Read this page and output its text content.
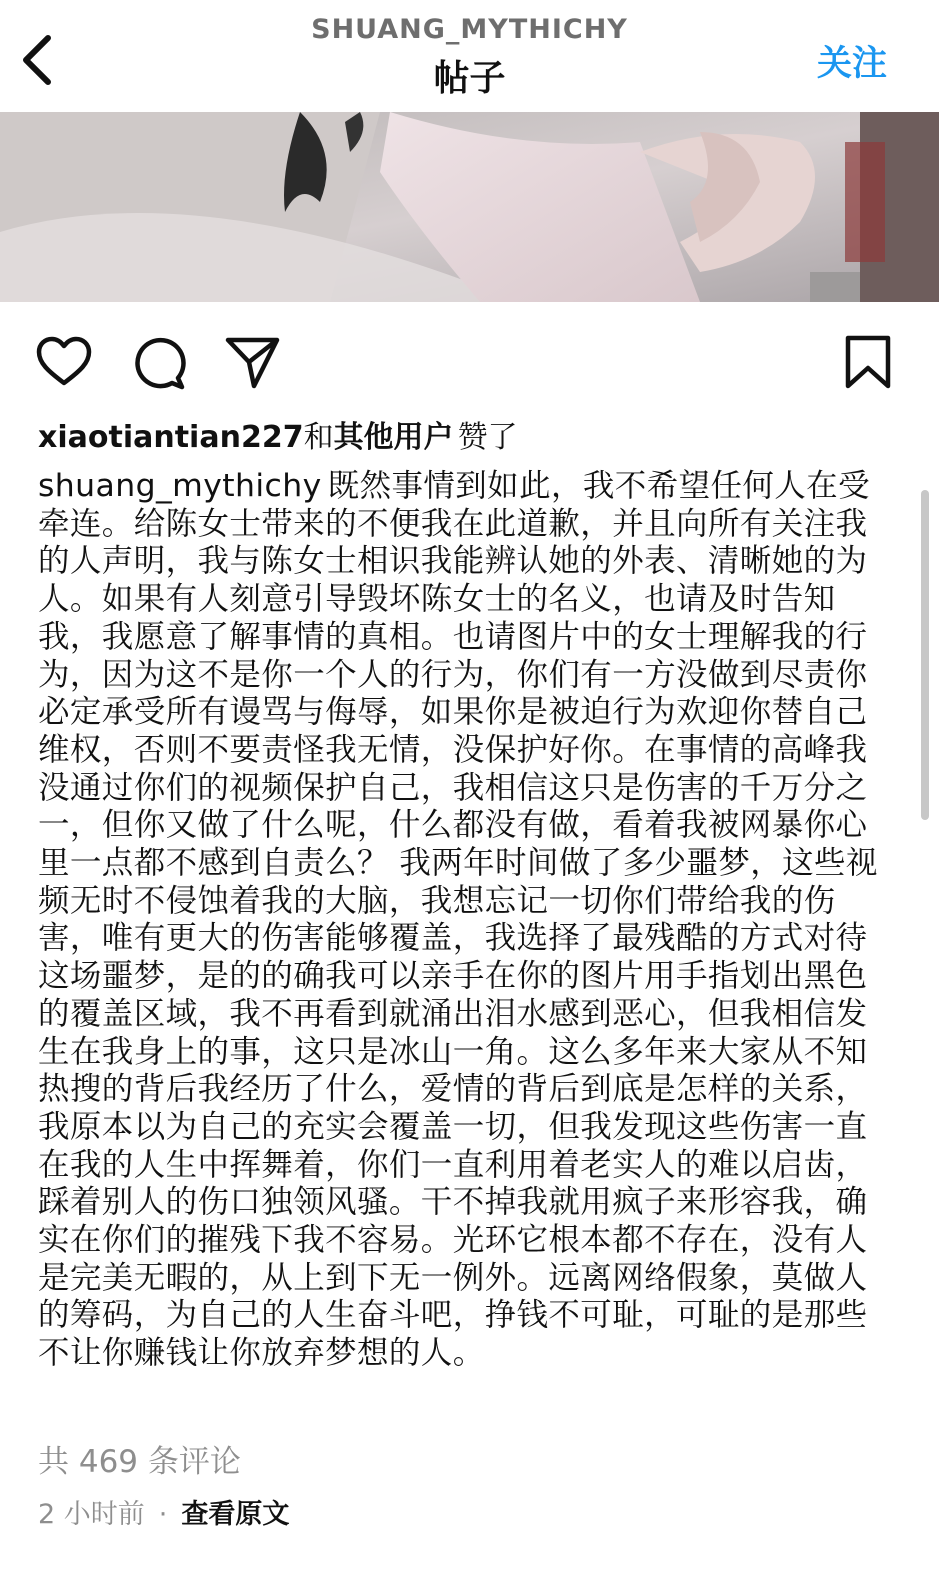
SHUANG_MYTHICHY
帖子	关注
xiaotiantian227和其他用户 赞了
shuang_mythichy 既然事情到如此，我不希望任何人在受牵连。给陈女士带来的不便我在此道歉，并且向所有关注我的人声明，我与陈女士相识我能辨认她的外表、清晰她的为人。如果有人刻意引导毁坏陈女士的名义，也请及时告知我，我愿意了解事情的真相。也请图片中的女士理解我的行为，因为这不是你一个人的行为，你们有一方没做到尽责你必定承受所有谩骂与侮辱，如果你是被迫行为欢迎你替自己维权，否则不要责怪我无情，没保护好你。在事情的高峰我没通过你们的视频保护自己，我相信这只是伤害的千万分之一，但你又做了什么呢，什么都没有做，看着我被网暴你心里一点都不感到自责么？ 我两年时间做了多少噩梦，这些视频无时不侵蚀着我的大脑，我想忘记一切你们带给我的伤害，唯有更大的伤害能够覆盖，我选择了最残酷的方式对待这场噩梦，是的的确我可以亲手在你的图片用手指划出黑色的覆盖区域，我不再看到就涌出泪水感到恶心，但我相信发生在我身上的事，这只是冰山一角。这么多年来大家从不知热搜的背后我经历了什么，爱情的背后到底是怎样的关系，我原本以为自己的充实会覆盖一切，但我发现这些伤害一直在我的人生中挥舞着，你们一直利用着老实人的难以启齿，踩着别人的伤口独领风骚。干不掉我就用疯子来形容我，确实在你们的摧残下我不容易。光环它根本都不存在，没有人是完美无暇的，从上到下无一例外。远离网络假象，莫做人的筹码，为自己的人生奋斗吧，挣钱不可耻，可耻的是那些不让你赚钱让你放弃梦想的人。
共 469 条评论
2 小时前 · 查看原文
